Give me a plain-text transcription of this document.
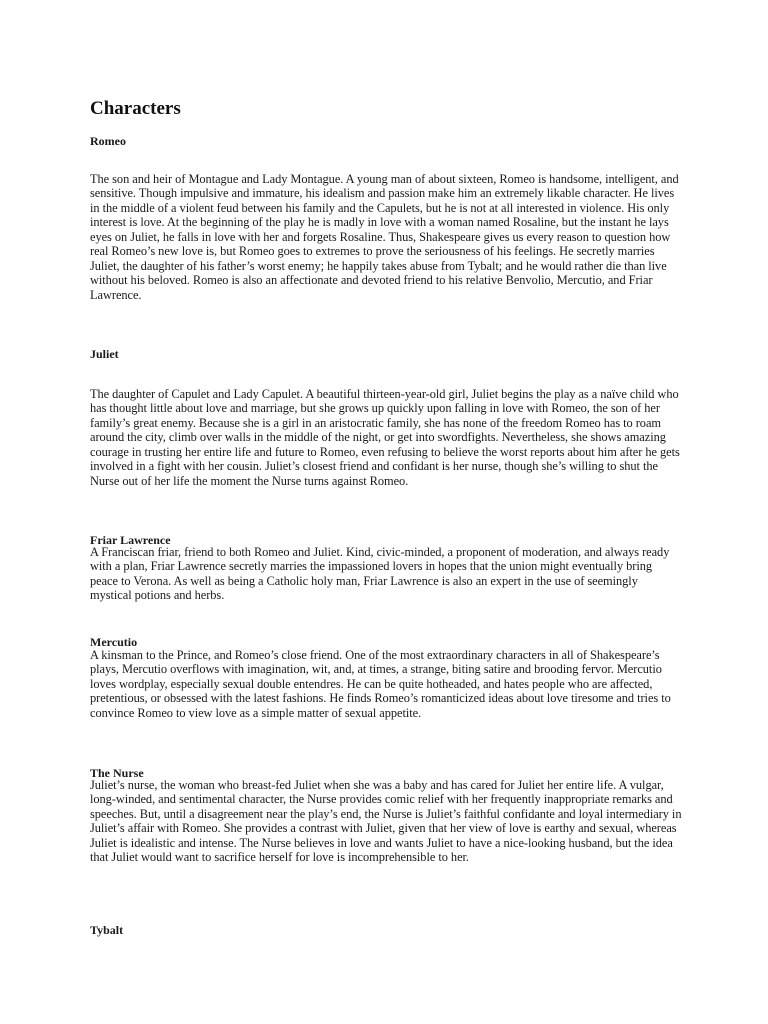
Characters
Romeo

The son and heir of Montague and Lady Montague. A young man of about sixteen, Romeo is handsome, intelligent, and sensitive. Though impulsive and immature, his idealism and passion make him an extremely likable character. He lives in the middle of a violent feud between his family and the Capulets, but he is not at all interested in violence. His only interest is love. At the beginning of the play he is madly in love with a woman named Rosaline, but the instant he lays eyes on Juliet, he falls in love with her and forgets Rosaline. Thus, Shakespeare gives us every reason to question how real Romeo’s new love is, but Romeo goes to extremes to prove the seriousness of his feelings. He secretly marries Juliet, the daughter of his father’s worst enemy; he happily takes abuse from Tybalt; and he would rather die than live without his beloved. Romeo is also an affectionate and devoted friend to his relative Benvolio, Mercutio, and Friar Lawrence.

Juliet

The daughter of Capulet and Lady Capulet. A beautiful thirteen-year-old girl, Juliet begins the play as a naïve child who has thought little about love and marriage, but she grows up quickly upon falling in love with Romeo, the son of her family’s great enemy. Because she is a girl in an aristocratic family, she has none of the freedom Romeo has to roam around the city, climb over walls in the middle of the night, or get into swordfights. Nevertheless, she shows amazing courage in trusting her entire life and future to Romeo, even refusing to believe the worst reports about him after he gets involved in a fight with her cousin. Juliet’s closest friend and confidant is her nurse, though she’s willing to shut the Nurse out of her life the moment the Nurse turns against Romeo.

Friar Lawrence

A Franciscan friar, friend to both Romeo and Juliet. Kind, civic-minded, a proponent of moderation, and always ready with a plan, Friar Lawrence secretly marries the impassioned lovers in hopes that the union might eventually bring peace to Verona. As well as being a Catholic holy man, Friar Lawrence is also an expert in the use of seemingly mystical potions and herbs.

Mercutio

A kinsman to the Prince, and Romeo’s close friend. One of the most extraordinary characters in all of Shakespeare’s plays, Mercutio overflows with imagination, wit, and, at times, a strange, biting satire and brooding fervor. Mercutio loves wordplay, especially sexual double entendres. He can be quite hotheaded, and hates people who are affected, pretentious, or obsessed with the latest fashions. He finds Romeo’s romanticized ideas about love tiresome and tries to convince Romeo to view love as a simple matter of sexual appetite.

The Nurse

Juliet’s nurse, the woman who breast-fed Juliet when she was a baby and has cared for Juliet her entire life. A vulgar, long-winded, and sentimental character, the Nurse provides comic relief with her frequently inappropriate remarks and speeches. But, until a disagreement near the play’s end, the Nurse is Juliet’s faithful confidante and loyal intermediary in Juliet’s affair with Romeo. She provides a contrast with Juliet, given that her view of love is earthy and sexual, whereas Juliet is idealistic and intense. The Nurse believes in love and wants Juliet to have a nice-looking husband, but the idea that Juliet would want to sacrifice herself for love is incomprehensible to her.

Tybalt
